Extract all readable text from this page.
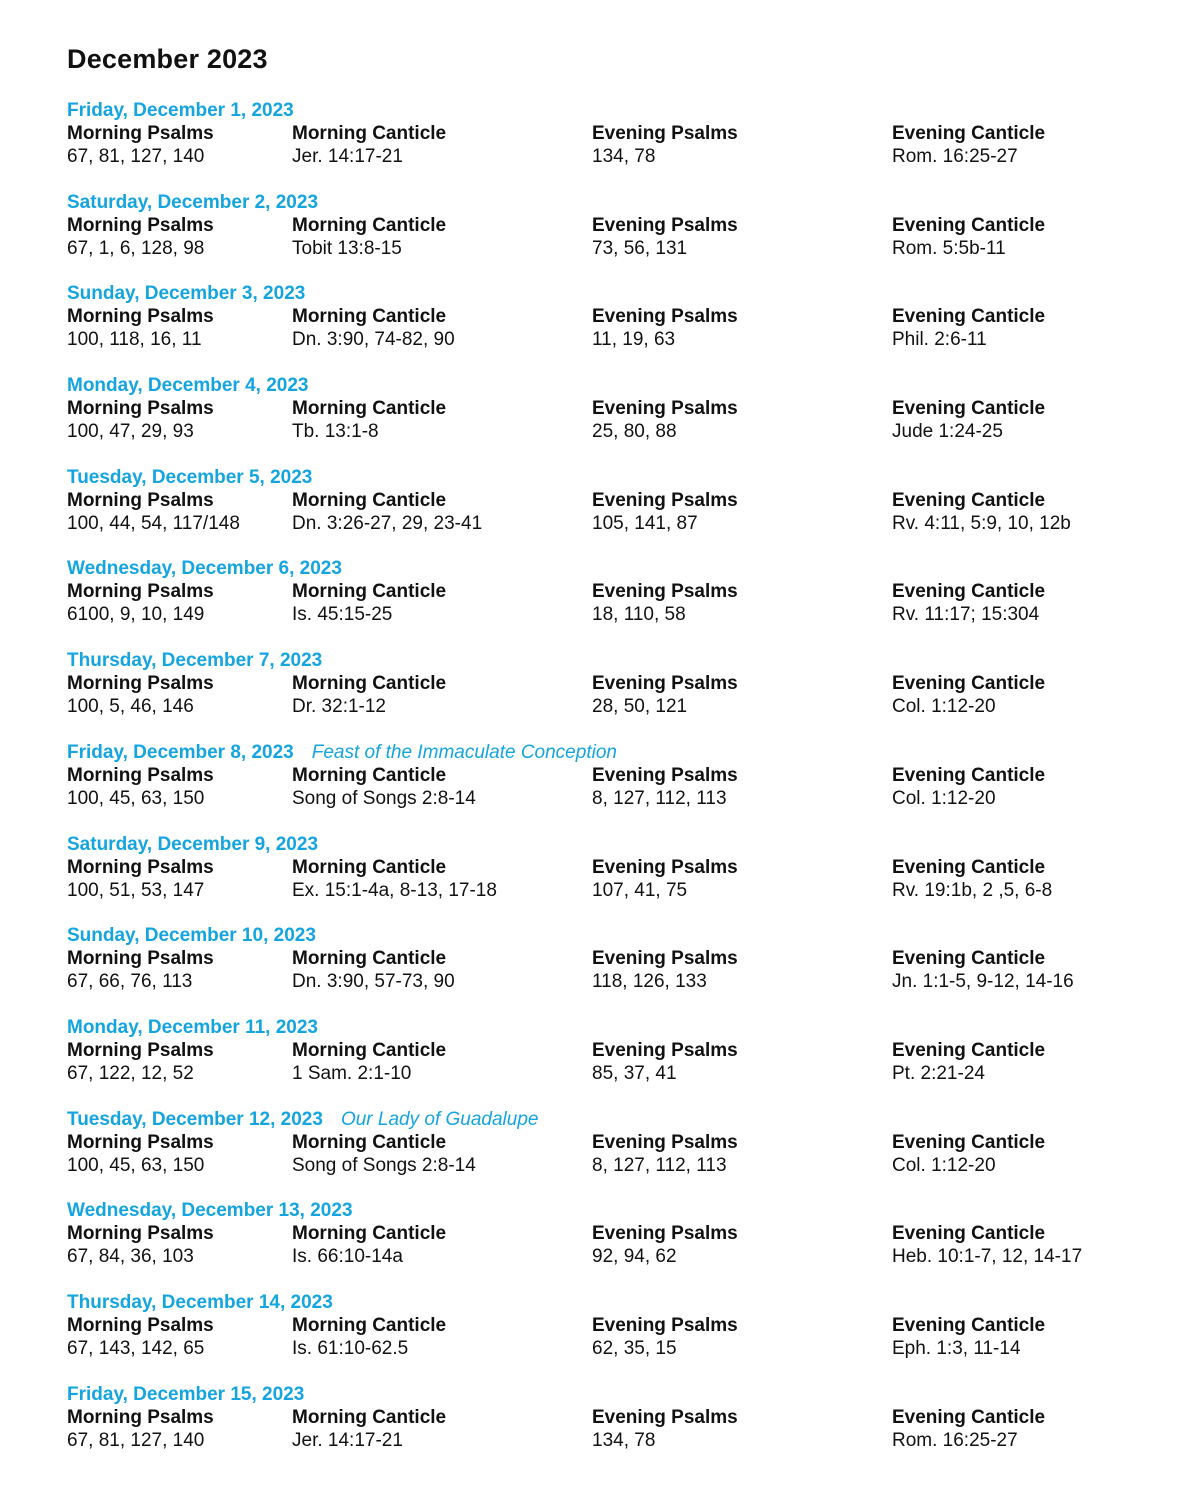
December 2023
Friday, December 1, 2023
Morning Psalms	Morning Canticle	Evening Psalms	Evening Canticle
67, 81, 127, 140	Jer. 14:17-21	134, 78	Rom. 16:25-27
Saturday, December 2, 2023
Morning Psalms	Morning Canticle	Evening Psalms	Evening Canticle
67, 1, 6, 128, 98	Tobit 13:8-15	73, 56, 131	Rom. 5:5b-11
Sunday, December 3, 2023
Morning Psalms	Morning Canticle	Evening Psalms	Evening Canticle
100, 118, 16, 11	Dn. 3:90, 74-82, 90	11, 19, 63	Phil. 2:6-11
Monday, December 4, 2023
Morning Psalms	Morning Canticle	Evening Psalms	Evening Canticle
100, 47, 29, 93	Tb. 13:1-8	25, 80, 88	Jude 1:24-25
Tuesday, December 5, 2023
Morning Psalms	Morning Canticle	Evening Psalms	Evening Canticle
100, 44, 54, 117/148	Dn. 3:26-27, 29, 23-41	105, 141, 87	Rv. 4:11, 5:9, 10, 12b
Wednesday, December 6, 2023
Morning Psalms	Morning Canticle	Evening Psalms	Evening Canticle
6100, 9, 10, 149	Is. 45:15-25	18, 110, 58	Rv. 11:17; 15:304
Thursday, December 7, 2023
Morning Psalms	Morning Canticle	Evening Psalms	Evening Canticle
100, 5, 46, 146	Dr. 32:1-12	28, 50, 121	Col. 1:12-20
Friday, December 8, 2023 Feast of the Immaculate Conception
Morning Psalms	Morning Canticle	Evening Psalms	Evening Canticle
100, 45, 63, 150	Song of Songs 2:8-14	8, 127, 112, 113	Col. 1:12-20
Saturday, December 9, 2023
Morning Psalms	Morning Canticle	Evening Psalms	Evening Canticle
100, 51, 53, 147	Ex. 15:1-4a, 8-13, 17-18	107, 41, 75	Rv. 19:1b, 2 ,5, 6-8
Sunday, December 10, 2023
Morning Psalms	Morning Canticle	Evening Psalms	Evening Canticle
67, 66, 76, 113	Dn. 3:90, 57-73, 90	118, 126, 133	Jn. 1:1-5, 9-12, 14-16
Monday, December 11, 2023
Morning Psalms	Morning Canticle	Evening Psalms	Evening Canticle
67, 122, 12, 52	1 Sam. 2:1-10	85, 37, 41	Pt. 2:21-24
Tuesday, December 12, 2023 Our Lady of Guadalupe
Morning Psalms	Morning Canticle	Evening Psalms	Evening Canticle
100, 45, 63, 150	Song of Songs 2:8-14	8, 127, 112, 113	Col. 1:12-20
Wednesday, December 13, 2023
Morning Psalms	Morning Canticle	Evening Psalms	Evening Canticle
67, 84, 36, 103	Is. 66:10-14a	92, 94, 62	Heb. 10:1-7, 12, 14-17
Thursday, December 14, 2023
Morning Psalms	Morning Canticle	Evening Psalms	Evening Canticle
67, 143, 142, 65	Is. 61:10-62.5	62, 35, 15	Eph. 1:3, 11-14
Friday, December 15, 2023
Morning Psalms	Morning Canticle	Evening Psalms	Evening Canticle
67, 81, 127, 140	Jer. 14:17-21	134, 78	Rom. 16:25-27
